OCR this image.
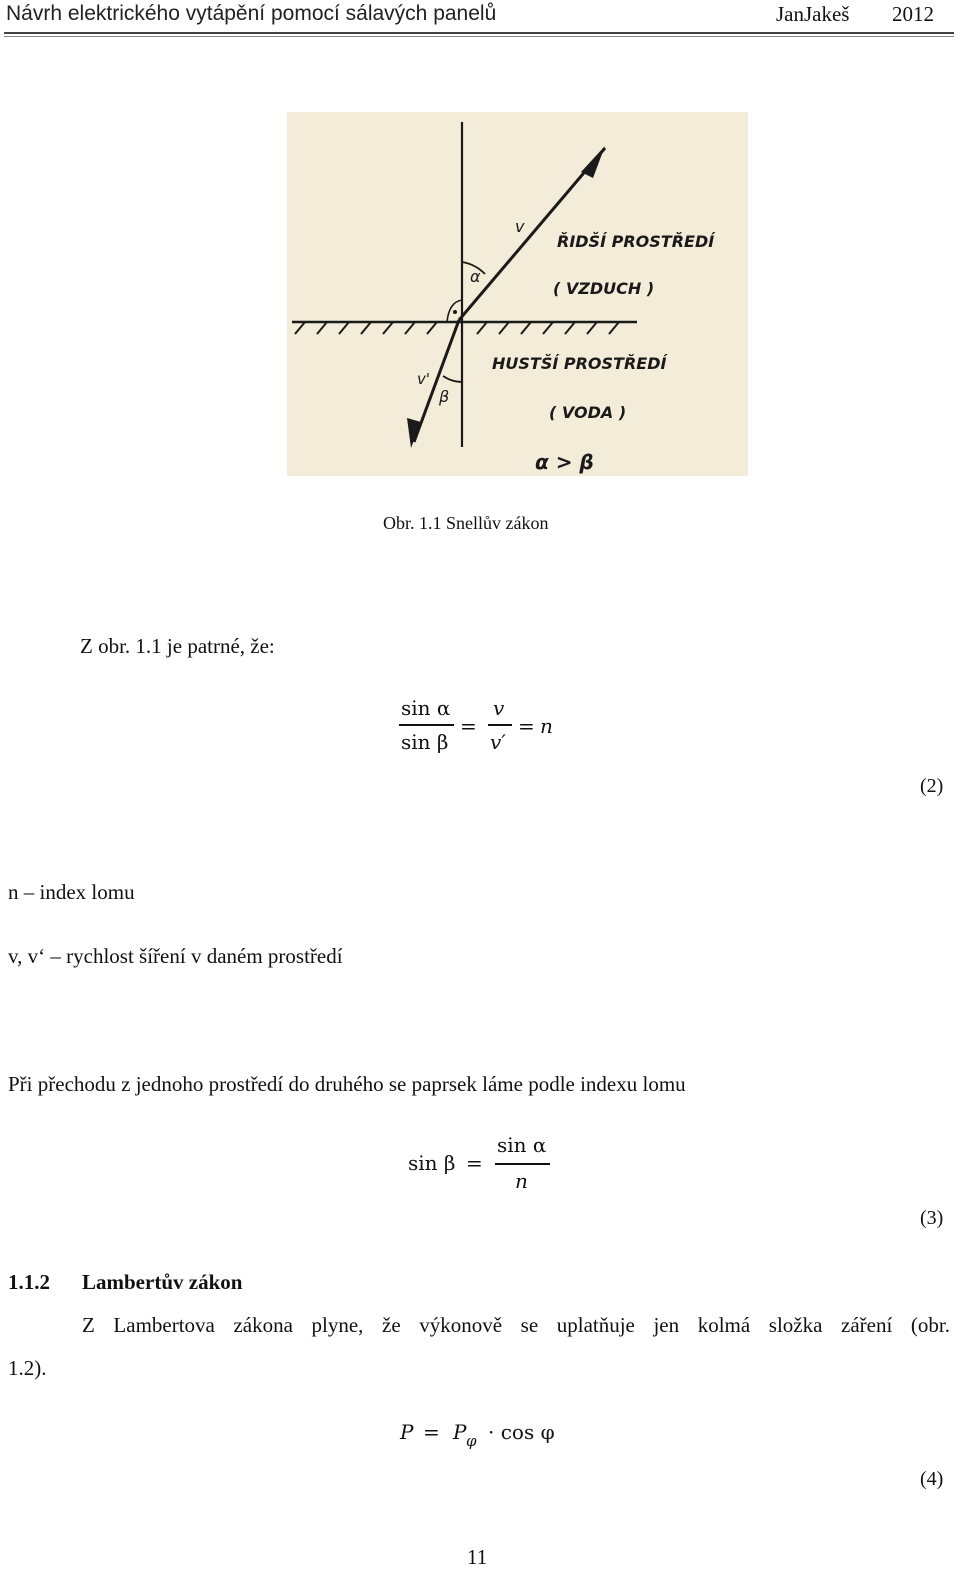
Návrh elektrického vytápění pomocí sálavých panelů	JanJakeš 2012
α
β
v
v'
ŘIDŠÍ PROSTŘEDÍ
( VZDUCH )
HUSTŠÍ PROSTŘEDÍ
( VODA )
α > β
Obr. 1.1 Snellův zákon
Z obr. 1.1 je patrné, že:
sin α
sin β
=
v
v′
= n
(2)
n – index lomu
v, v‘ – rychlost šíření v daném prostředí
Při přechodu z jednoho prostředí do druhého se paprsek láme podle indexu lomu
sin β =
sin α
n
(3)
1.1.2 Lambertův zákon
Z Lambertova zákona plyne, že výkonově se uplatňuje jen kolmá složka záření (obr.
1.2).
P = P φ · cos φ
(4)
11
